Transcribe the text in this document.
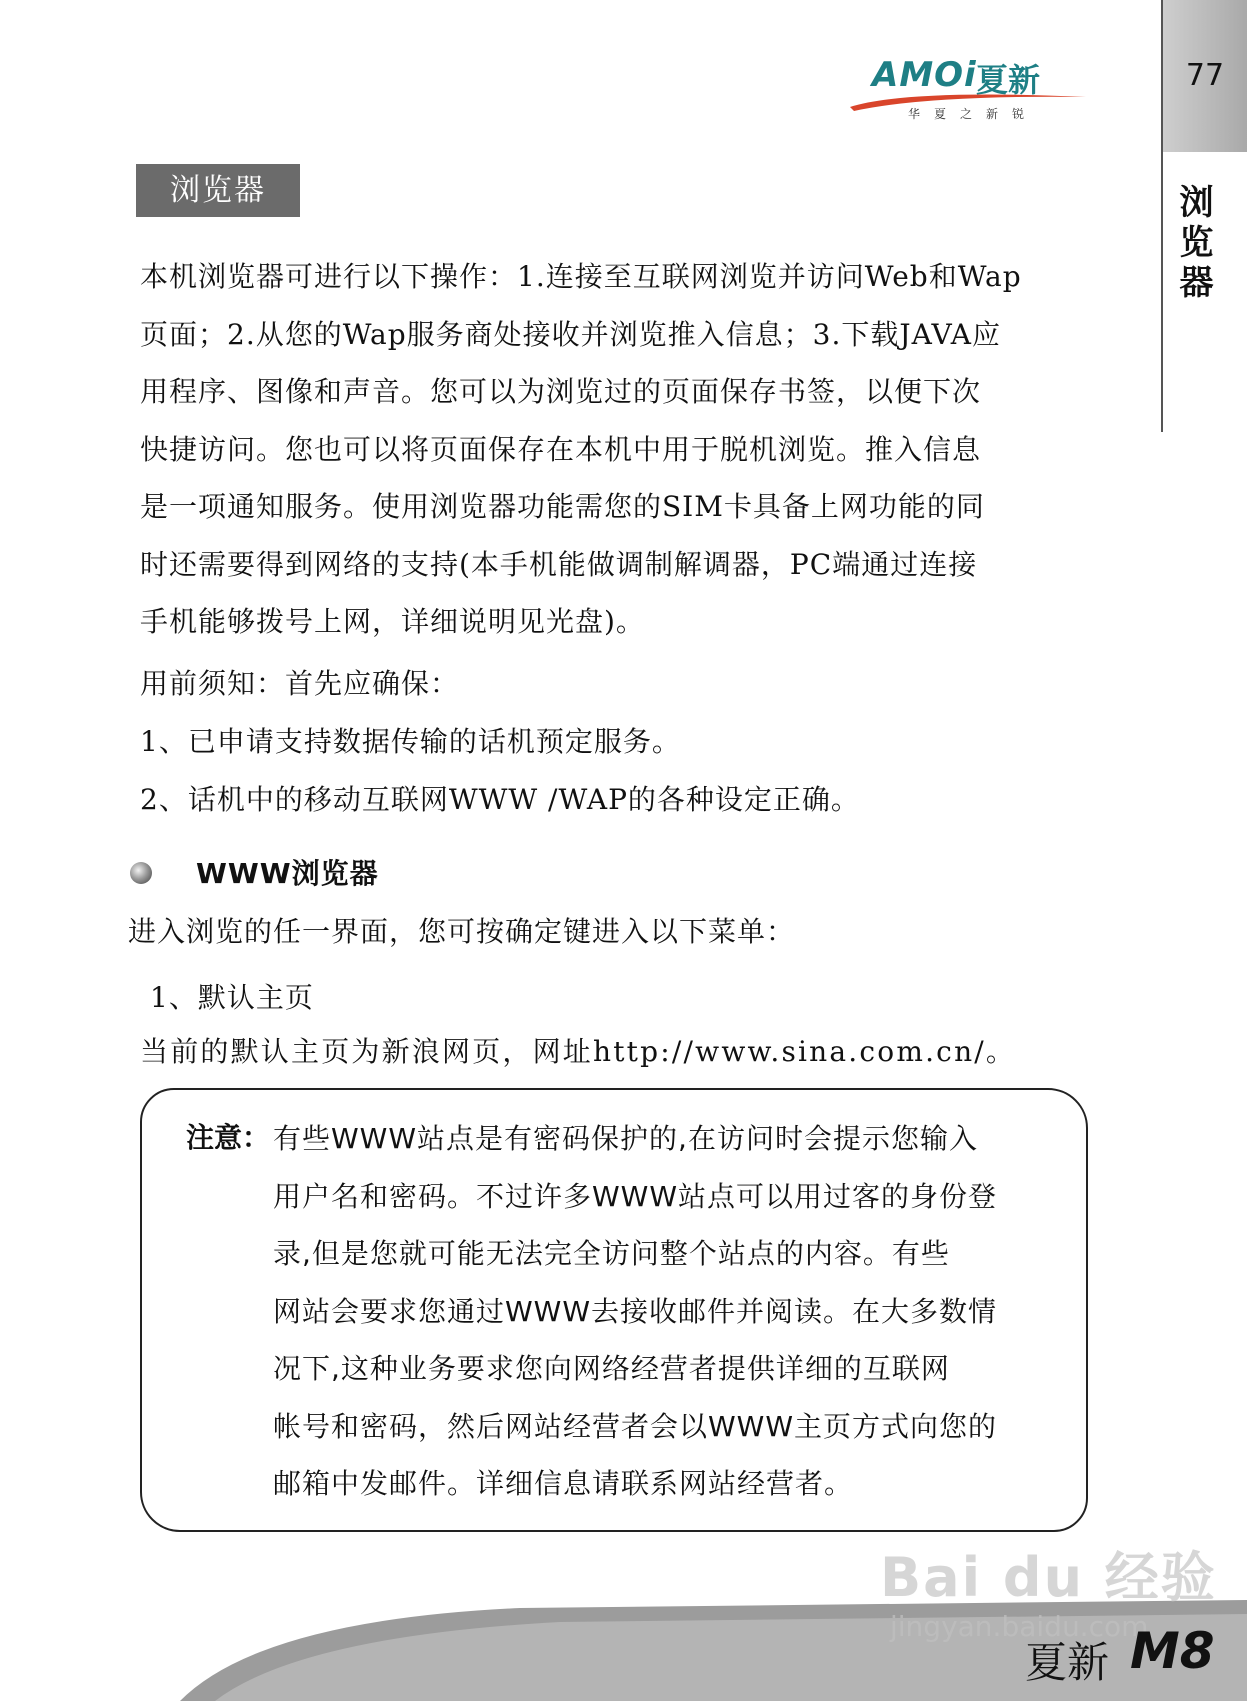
77
浏览器
AMOi 夏新
华夏之新锐
浏览器
本机浏览器可进行以下操作：1.连接至互联网浏览并访问Web和Wap
页面；2.从您的Wap服务商处接收并浏览推入信息；3.下载JAVA应
用程序、图像和声音。您可以为浏览过的页面保存书签，以便下次
快捷访问。您也可以将页面保存在本机中用于脱机浏览。推入信息
是一项通知服务。使用浏览器功能需您的SIM卡具备上网功能的同
时还需要得到网络的支持(本手机能做调制解调器，PC端通过连接
手机能够拨号上网，详细说明见光盘)。
用前须知：首先应确保：
1、已申请支持数据传输的话机预定服务。
2、话机中的移动互联网WWW /WAP的各种设定正确。
WWW浏览器
进入浏览的任一界面，您可按确定键进入以下菜单：
1、默认主页
当前的默认主页为新浪网页，网址http://www.sina.com.cn/。
注意： 有些WWW站点是有密码保护的,在访问时会提示您输入
用户名和密码。不过许多WWW站点可以用过客的身份登
录,但是您就可能无法完全访问整个站点的内容。有些
网站会要求您通过WWW去接收邮件并阅读。在大多数情
况下,这种业务要求您向网络经营者提供详细的互联网
帐号和密码，然后网站经营者会以WWW主页方式向您的
邮箱中发邮件。详细信息请联系网站经营者。

Bai du 经验
jingyan.baidu.com
夏新 M8
